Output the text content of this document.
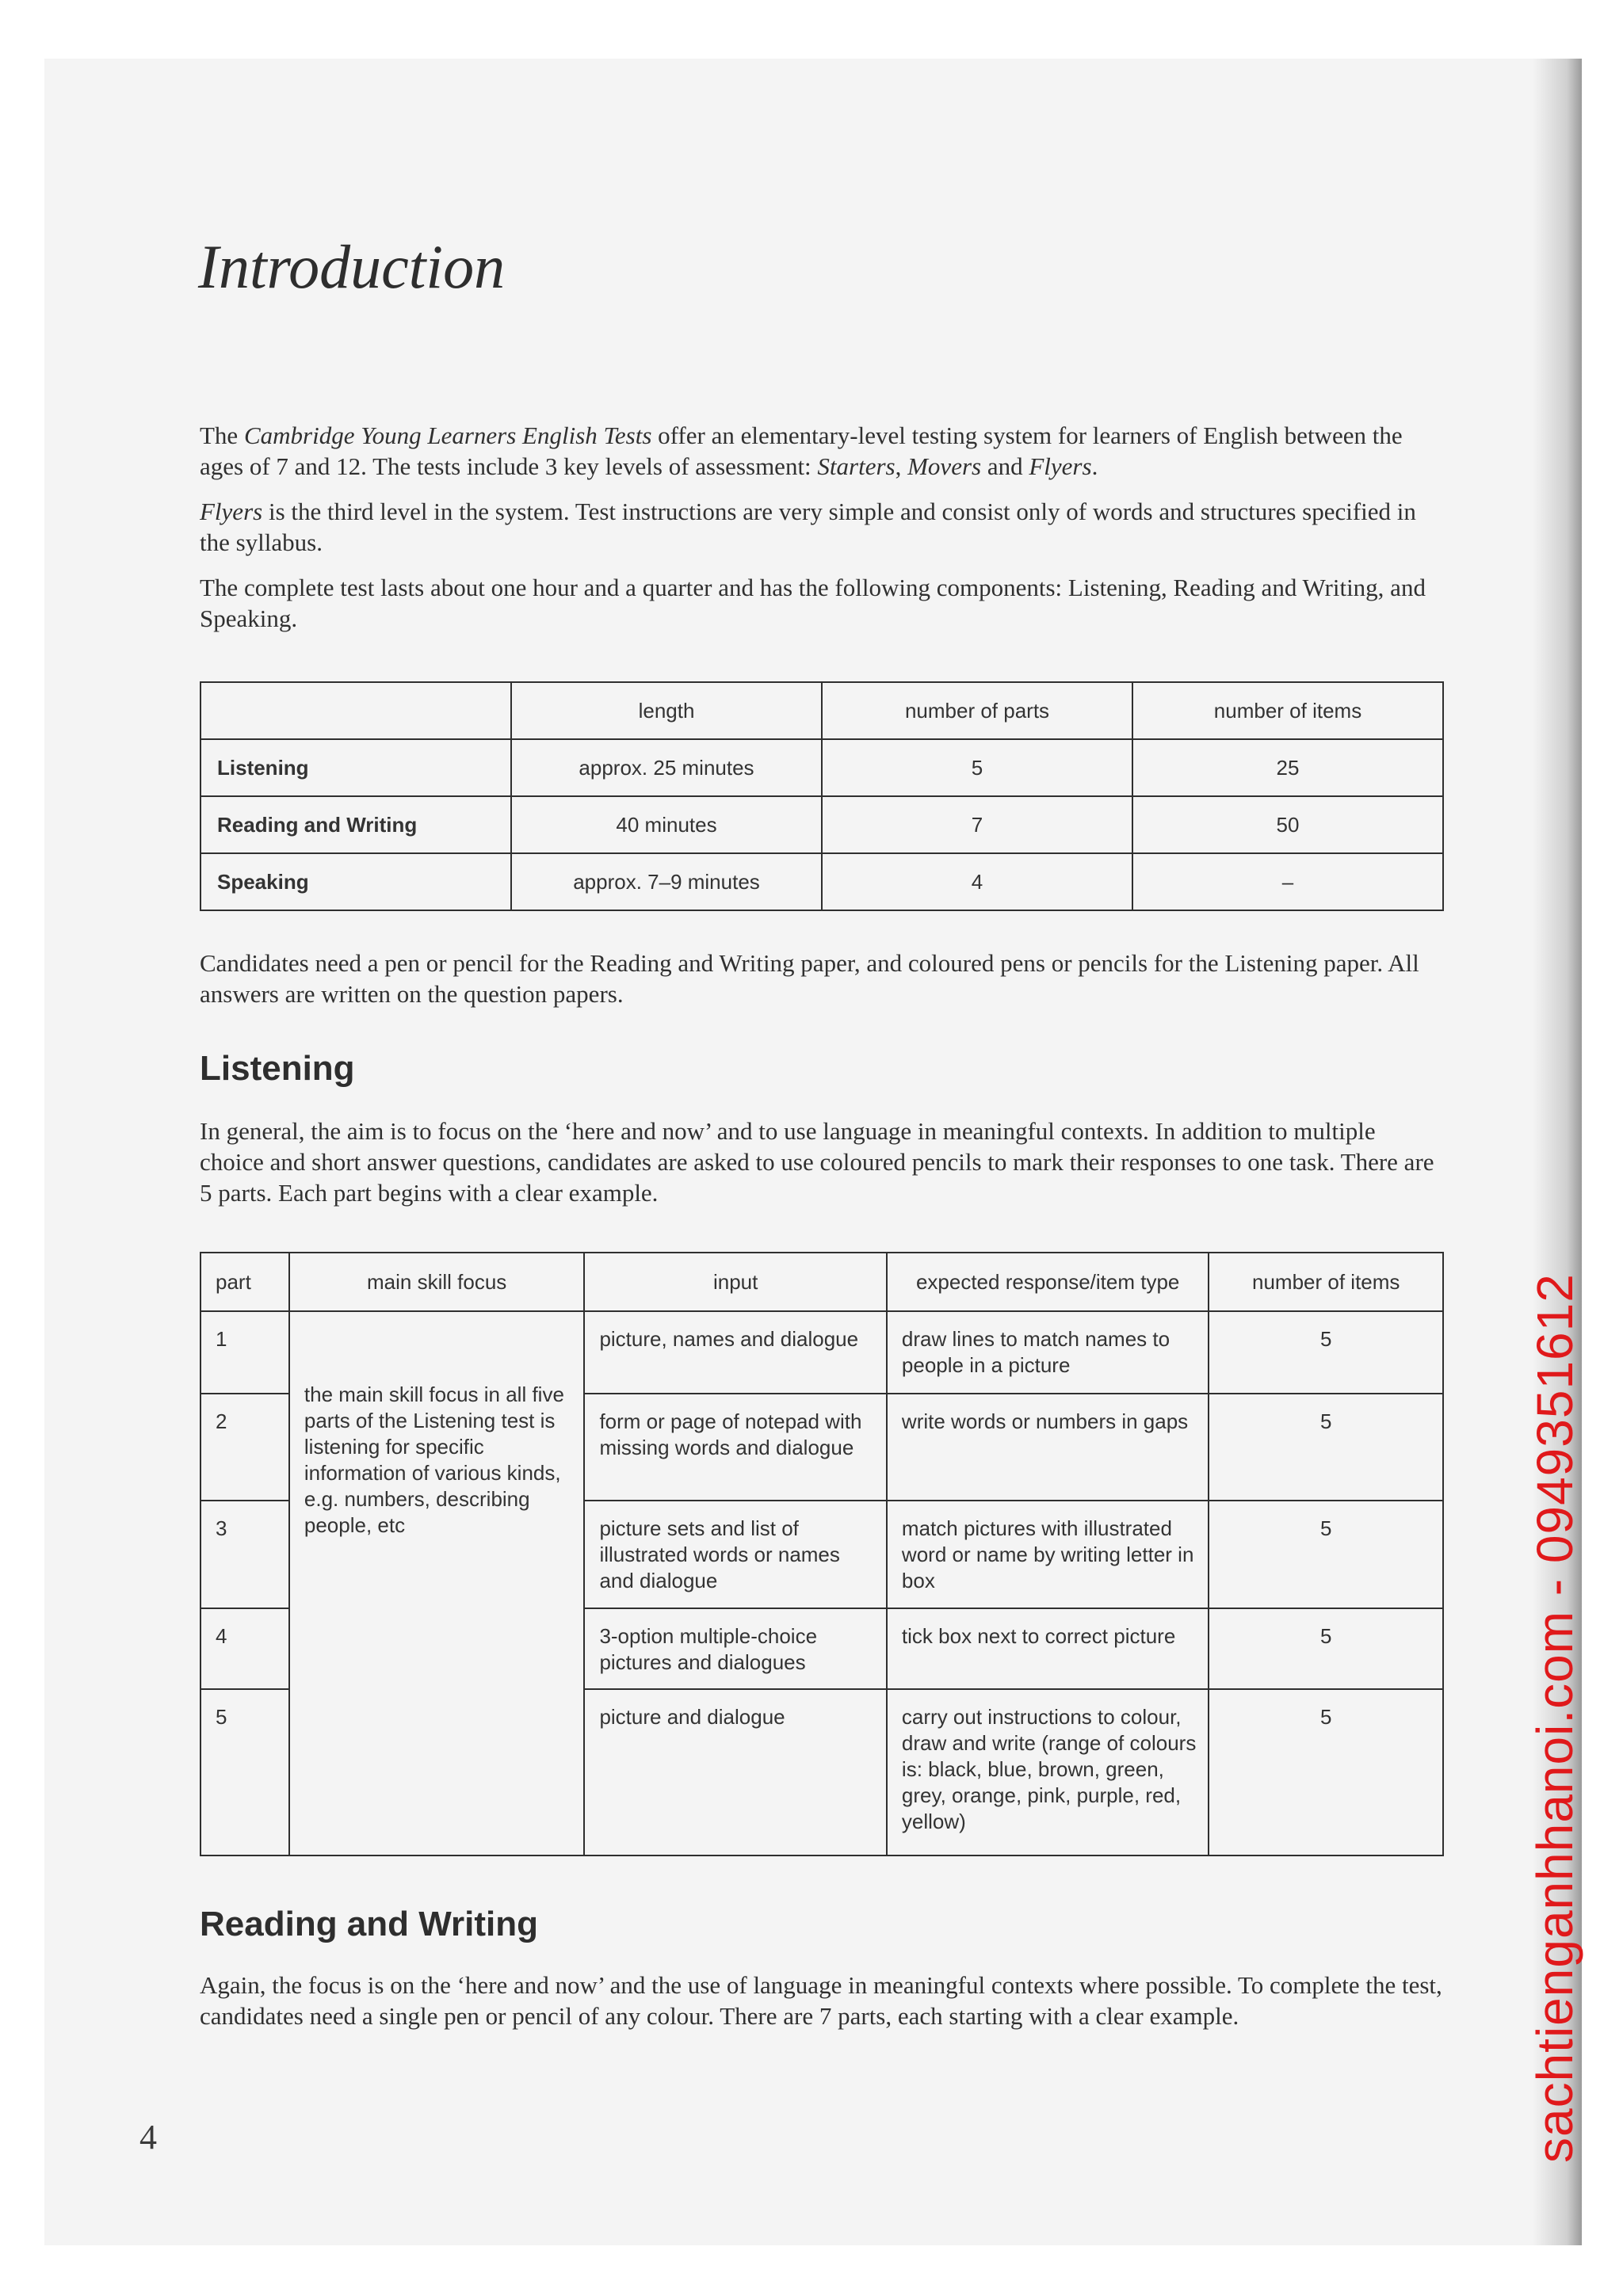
Introduction

The Cambridge Young Learners English Tests offer an elementary-level testing system for learners of English between the ages of 7 and 12. The tests include 3 key levels of assessment: Starters, Movers and Flyers.

Flyers is the third level in the system. Test instructions are very simple and consist only of words and structures specified in the syllabus.

The complete test lasts about one hour and a quarter and has the following components: Listening, Reading and Writing, and Speaking.

	length	number of parts	number of items
Listening	approx. 25 minutes	5	25
Reading and Writing	40 minutes	7	50
Speaking	approx. 7–9 minutes	4	–

Candidates need a pen or pencil for the Reading and Writing paper, and coloured pens or pencils for the Listening paper. All answers are written on the question papers.

Listening

In general, the aim is to focus on the ‘here and now’ and to use language in meaningful contexts. In addition to multiple choice and short answer questions, candidates are asked to use coloured pencils to mark their responses to one task. There are 5 parts. Each part begins with a clear example.

part	main skill focus	input	expected response/item type	number of items
1	the main skill focus in all five parts of the Listening test is listening for specific information of various kinds, e.g. numbers, describing people, etc	picture, names and dialogue	draw lines to match names to people in a picture	5
2		form or page of notepad with missing words and dialogue	write words or numbers in gaps	5
3		picture sets and list of illustrated words or names and dialogue	match pictures with illustrated word or name by writing letter in box	5
4		3-option multiple-choice pictures and dialogues	tick box next to correct picture	5
5		picture and dialogue	carry out instructions to colour, draw and write (range of colours is: black, blue, brown, green, grey, orange, pink, purple, red, yellow)	5
Reading and Writing

Again, the focus is on the ‘here and now’ and the use of language in meaningful contexts where possible. To complete the test, candidates need a single pen or pencil of any colour. There are 7 parts, each starting with a clear example.	sachtienganhhanoi.com - 0949351612
4
